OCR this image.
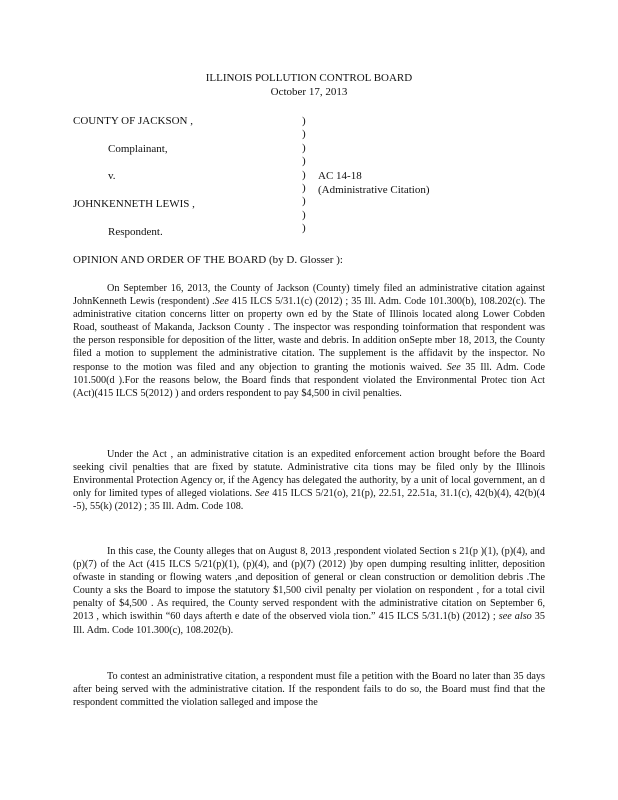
ILLINOIS POLLUTION CONTROL BOARD
October 17, 2013
COUNTY OF JACKSON ,
Complainant,
v.	AC 14-18
(Administrative Citation)
JOHNKENNETH LEWIS ,
Respondent.
)
)
)
)
)
)
)
)
)
OPINION AND ORDER OF THE BOARD (by D. Glosser ):
On September 16, 2013, the County of Jackson (County) timely filed an administrative citation against JohnKenneth Lewis (respondent) .See 415 ILCS 5/31.1(c) (2012) ; 35 Ill. Adm. Code 101.300(b), 108.202(c). The administrative citation concerns litter on property own ed by the State of Illinois located along Lower Cobden Road, southeast of Makanda, Jackson County . The inspector was responding toinformation that respondent was the person responsible for deposition of the litter, waste and debris. In addition onSepte mber 18, 2013, the County filed a motion to supplement the administrative citation. The supplement is the affidavit by the inspector. No response to the motion was filed and any objection to granting the motionis waived. See 35 Ill. Adm. Code 101.500(d ).For the reasons below, the Board finds that respondent violated the Environmental Protec tion Act (Act)(415 ILCS 5(2012) ) and orders respondent to pay $4,500 in civil penalties.
Under the Act , an administrative citation is an expedited enforcement action brought before the Board seeking civil penalties that are fixed by statute. Administrative cita tions may be filed only by the Illinois Environmental Protection Agency or, if the Agency has delegated the authority, by a unit of local government, an d only for limited types of alleged violations. See 415 ILCS 5/21(o), 21(p), 22.51, 22.51a, 31.1(c), 42(b)(4), 42(b)(4 -5), 55(k) (2012) ; 35 Ill. Adm. Code 108.
In this case, the County alleges that on August 8, 2013 ,respondent violated Section s 21(p )(1), (p)(4), and (p)(7) of the Act (415 ILCS 5/21(p)(1), (p)(4), and (p)(7) (2012) )by open dumping resulting inlitter, deposition ofwaste in standing or flowing waters ,and deposition of general or clean construction or demolition debris .The County a sks the Board to impose the statutory $1,500 civil penalty per violation on respondent , for a total civil penalty of $4,500 . As required, the County served respondent with the administrative citation on September 6, 2013 , which iswithin “60 days afterth e date of the observed viola tion.” 415 ILCS 5/31.1(b) (2012) ; see also 35 Ill. Adm. Code 101.300(c), 108.202(b).
To contest an administrative citation, a respondent must file a petition with the Board no later than 35 days after being served with the administrative citation. If the respondent fails to do so, the Board must find that the respondent committed the violation salleged and impose the
